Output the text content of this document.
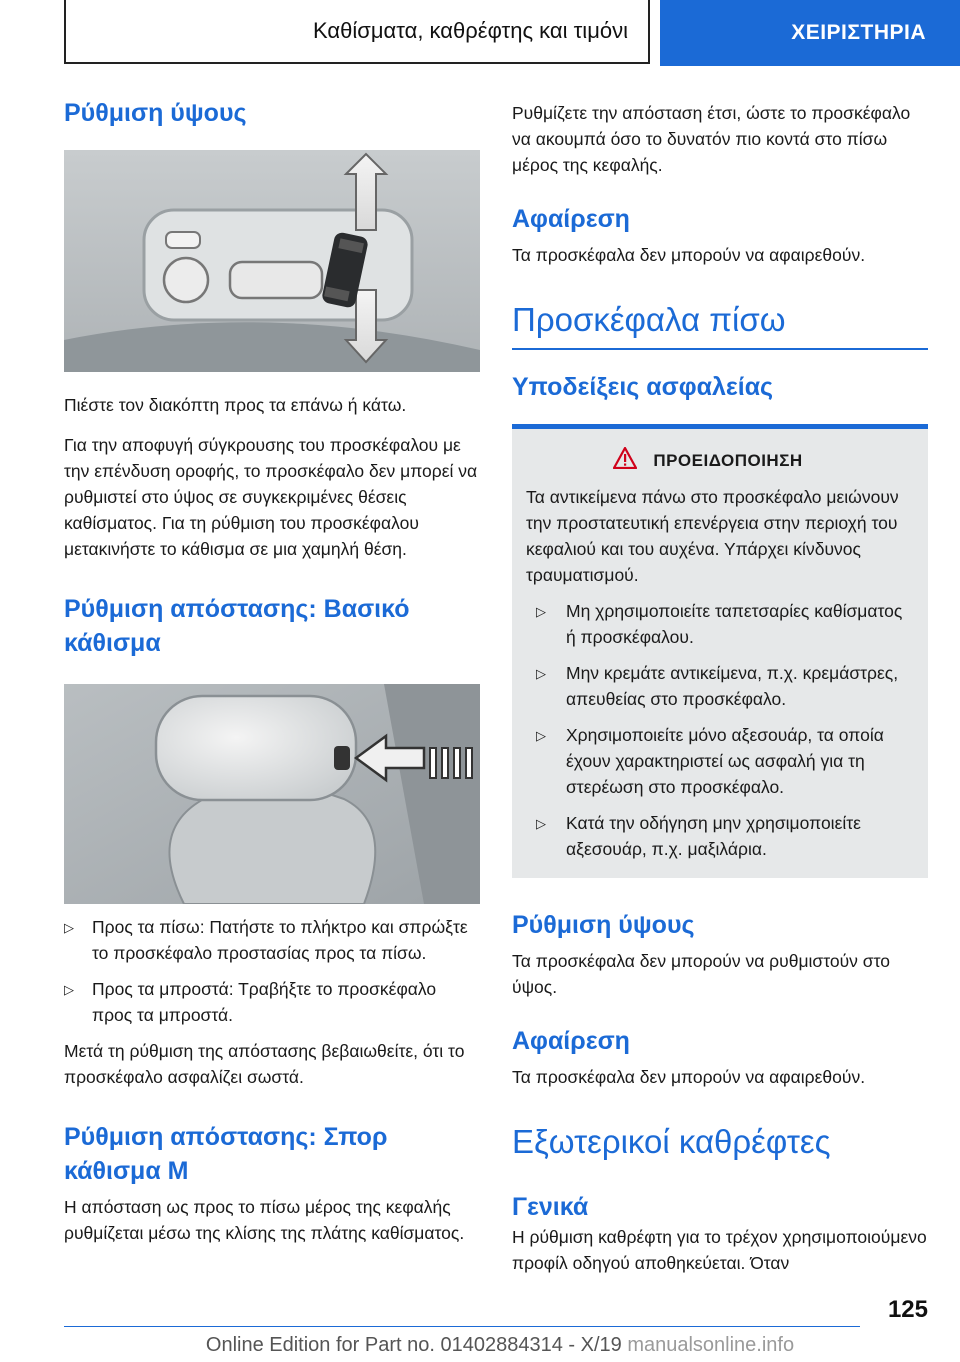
Καθίσματα, καθρέφτης και τιμόνι	ΧΕΙΡΙΣΤΗΡΙΑ
Ρύθμιση ύψους
Πιέστε τον διακόπτη προς τα επάνω ή κάτω.
Για την αποφυγή σύγκρουσης του προσκέφαλου με την επένδυση οροφής, το προσκέφαλο δεν μπορεί να ρυθμιστεί στο ύψος σε συγκεκριμένες θέσεις καθίσματος. Για τη ρύθμιση του προσκέφαλου μετακινήστε το κάθισμα σε μια χαμηλή θέση.
Ρύθμιση απόστασης: Βασικό κάθισμα
▷	Προς τα πίσω: Πατήστε το πλήκτρο και σπρώξτε το προσκέφαλο προστασίας προς τα πίσω.
▷	Προς τα μπροστά: Τραβήξτε το προσκέφαλο προς τα μπροστά.
Μετά τη ρύθμιση της απόστασης βεβαιωθείτε, ότι το προσκέφαλο ασφαλίζει σωστά.
Ρύθμιση απόστασης: Σπορ κάθισμα M
Η απόσταση ως προς το πίσω μέρος της κεφαλής ρυθμίζεται μέσω της κλίσης της πλάτης καθίσματος.
Ρυθμίζετε την απόσταση έτσι, ώστε το προσκέφαλο να ακουμπά όσο το δυνατόν πιο κοντά στο πίσω μέρος της κεφαλής.
Αφαίρεση
Τα προσκέφαλα δεν μπορούν να αφαιρεθούν.
Προσκέφαλα πίσω
Υποδείξεις ασφαλείας
ΠΡΟΕΙΔΟΠΟΙΗΣΗ
Τα αντικείμενα πάνω στο προσκέφαλο μειώνουν την προστατευτική επενέργεια στην περιοχή του κεφαλιού και του αυχένα. Υπάρχει κίνδυνος τραυματισμού.
▷	Μη χρησιμοποιείτε ταπετσαρίες καθίσματος ή προσκέφαλου.
▷	Μην κρεμάτε αντικείμενα, π.χ. κρεμάστρες, απευθείας στο προσκέφαλο.
▷	Χρησιμοποιείτε μόνο αξεσουάρ, τα οποία έχουν χαρακτηριστεί ως ασφαλή για τη στερέωση στο προσκέφαλο.
▷	Κατά την οδήγηση μην χρησιμοποιείτε αξεσουάρ, π.χ. μαξιλάρια.
Ρύθμιση ύψους
Τα προσκέφαλα δεν μπορούν να ρυθμιστούν στο ύψος.
Αφαίρεση
Τα προσκέφαλα δεν μπορούν να αφαιρεθούν.
Εξωτερικοί καθρέφτες
Γενικά
Η ρύθμιση καθρέφτη για το τρέχον χρησιμοποιούμενο προφίλ οδηγού αποθηκεύεται. Όταν
125
Online Edition for Part no. 01402884314 - X/19 manualsonline.info
